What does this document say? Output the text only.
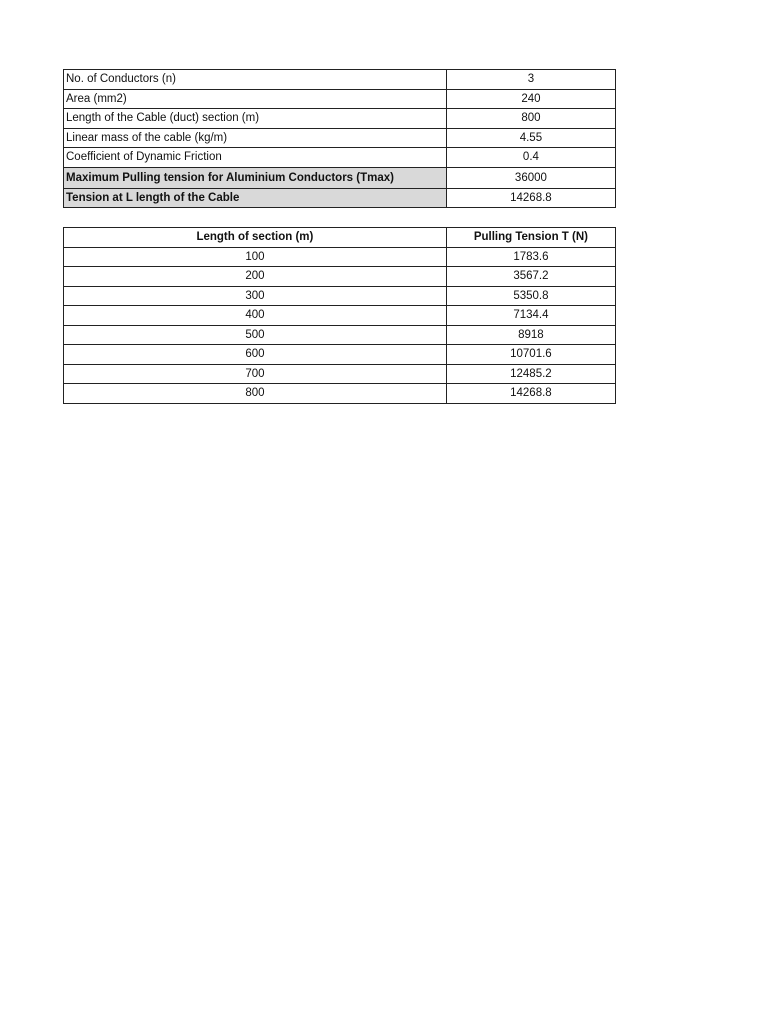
No. of Conductors (n)	3
Area (mm2)	240
Length of the Cable (duct) section (m)	800
Linear mass of the cable (kg/m)	4.55
Coefficient of Dynamic Friction	0.4
Maximum Pulling tension for Aluminium Conductors (Tmax)	36000
Tension at L length of the Cable	14268.8
Length of section (m)	Pulling Tension T (N)
100	1783.6
200	3567.2
300	5350.8
400	7134.4
500	8918
600	10701.6
700	12485.2
800	14268.8
